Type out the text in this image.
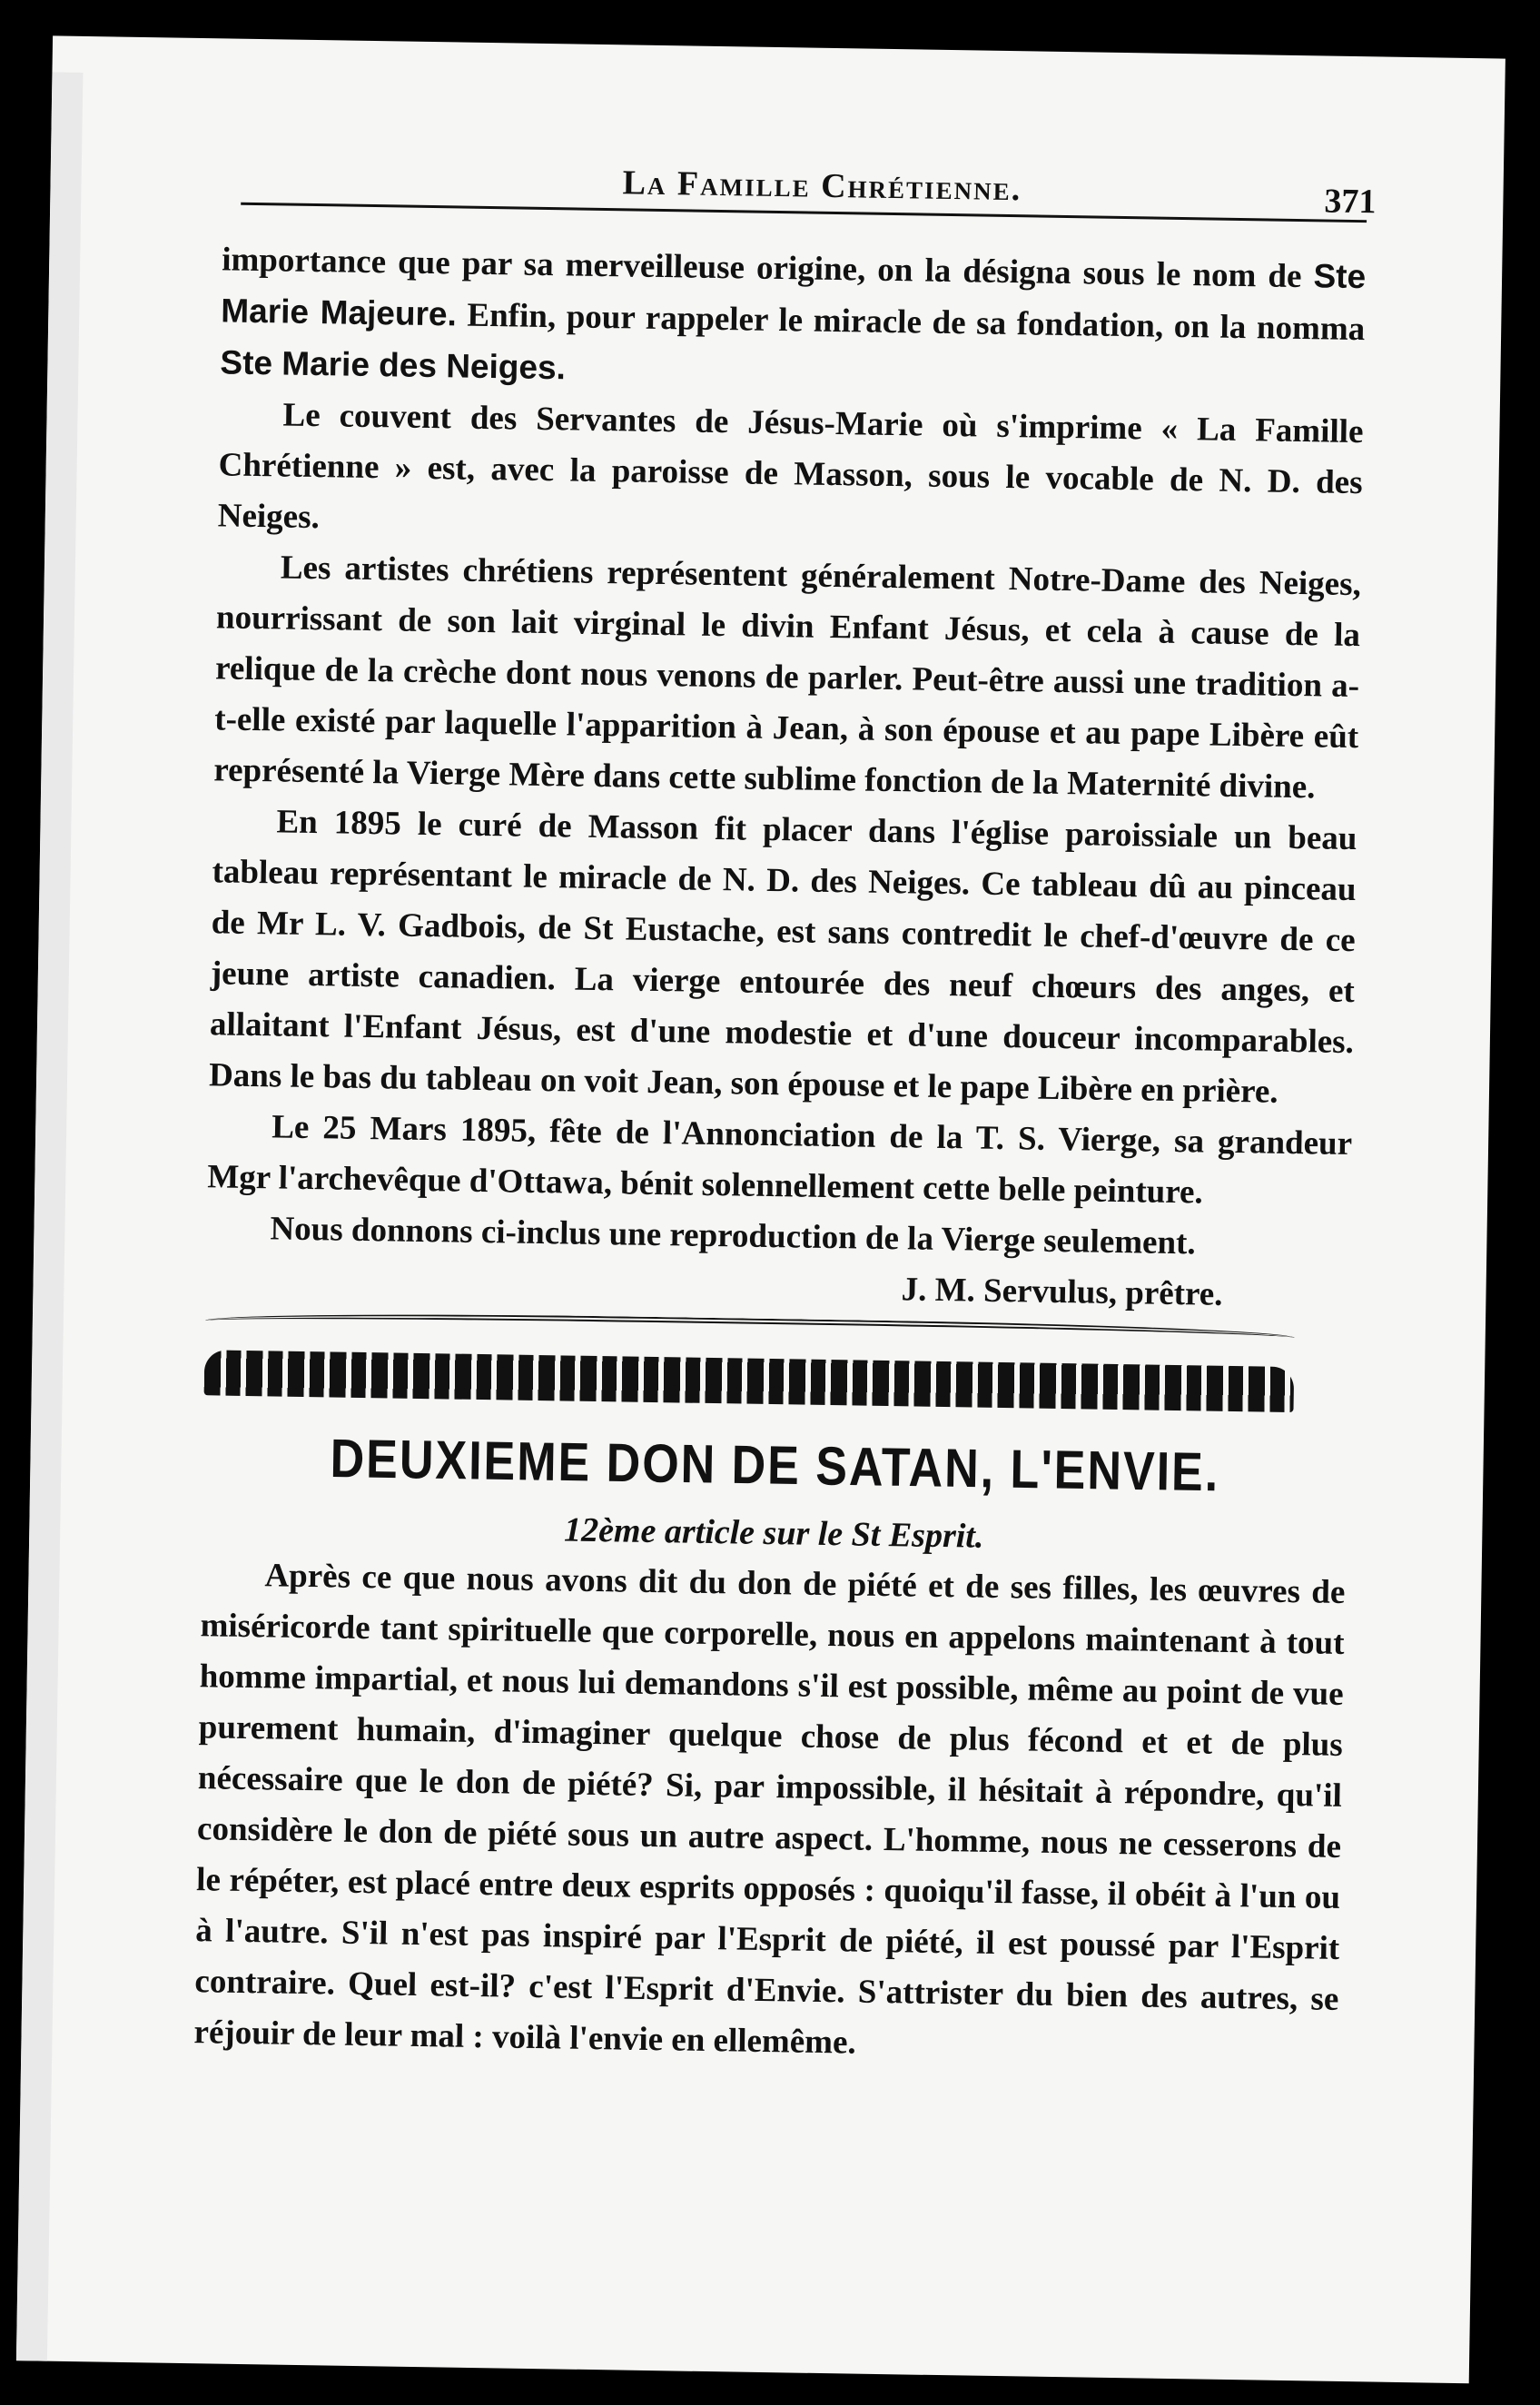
La Famille Chrétienne.	371

importance que par sa merveilleuse origine, on la désigna sous le nom de Ste Marie Majeure. Enfin, pour rappeler le miracle de sa fondation, on la nomma Ste Marie des Neiges.

Le couvent des Servantes de Jésus-Marie où s'imprime « La Famille Chrétienne » est, avec la paroisse de Masson, sous le vocable de N. D. des Neiges.

Les artistes chrétiens représentent généralement Notre-Dame des Neiges, nourrissant de son lait virginal le divin Enfant Jésus, et cela à cause de la relique de la crèche dont nous venons de parler. Peut-être aussi une tradition a-t-elle existé par laquelle l'apparition à Jean, à son épouse et au pape Libère eût représenté la Vierge Mère dans cette sublime fonction de la Maternité divine.

En 1895 le curé de Masson fit placer dans l'église paroissiale un beau tableau représentant le miracle de N. D. des Neiges. Ce tableau dû au pinceau de Mr L. V. Gadbois, de St Eustache, est sans contredit le chef-d'œuvre de ce jeune artiste canadien. La vierge entourée des neuf chœurs des anges, et allaitant l'Enfant Jésus, est d'une modestie et d'une douceur incomparables. Dans le bas du tableau on voit Jean, son épouse et le pape Libère en prière.

Le 25 Mars 1895, fête de l'Annonciation de la T. S. Vierge, sa grandeur Mgr l'archevêque d'Ottawa, bénit solennellement cette belle peinture.

Nous donnons ci-inclus une reproduction de la Vierge seulement.

J. M. Servulus, prêtre.

DEUXIEME DON DE SATAN, L'ENVIE.
12ème article sur le St Esprit.

Après ce que nous avons dit du don de piété et de ses filles, les œuvres de miséricorde tant spirituelle que corporelle, nous en appelons maintenant à tout homme impartial, et nous lui demandons s'il est possible, même au point de vue purement humain, d'imaginer quelque chose de plus fécond et et de plus nécessaire que le don de piété? Si, par impossible, il hésitait à répondre, qu'il considère le don de piété sous un autre aspect. L'homme, nous ne cesserons de le répéter, est placé entre deux esprits opposés : quoiqu'il fasse, il obéit à l'un ou à l'autre. S'il n'est pas inspiré par l'Esprit de piété, il est poussé par l'Esprit contraire. Quel est-il? c'est l'Esprit d'Envie. S'attrister du bien des autres, se réjouir de leur mal : voilà l'envie en ellemême.
